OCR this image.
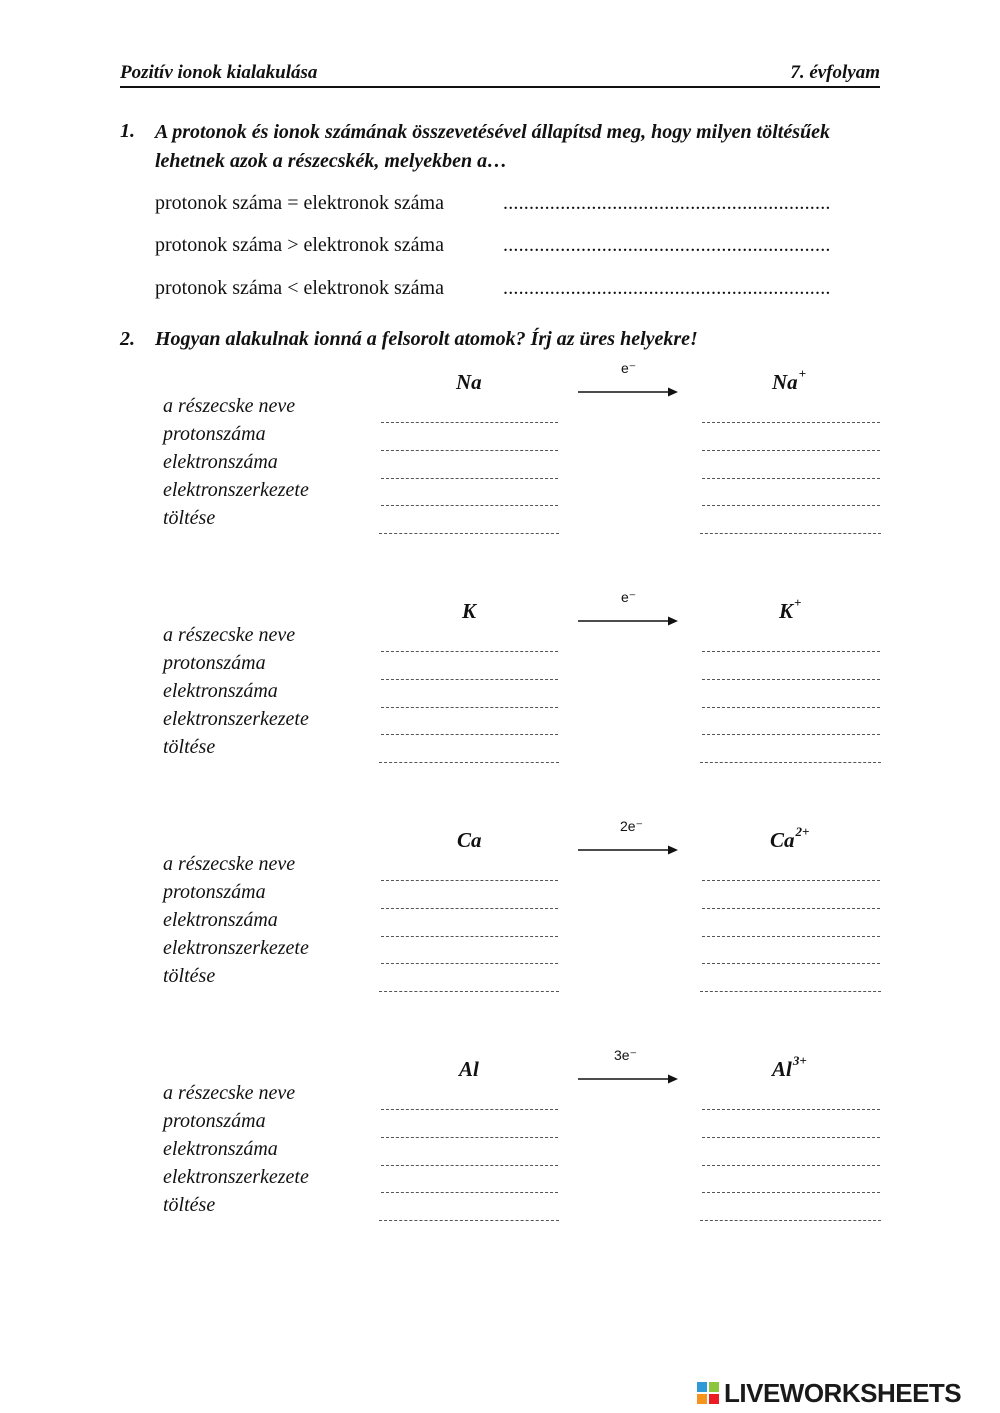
Pozitív ionok kialakulása	7. évfolyam
1. A protonok és ionok számának összevetésével állapítsd meg, hogy milyen töltésűek lehetnek azok a részecskék, melyekben a…
protonok száma = elektronok száma	...............................................................
protonok száma > elektronok száma	...............................................................
protonok száma < elektronok száma	...............................................................
2. Hogyan alakulnak ionná a felsorolt atomok? Írj az üres helyekre!
Na
e⁻
Na+
a részecske neve
protonszáma
elektronszáma
elektronszerkezete
töltése
K
e⁻
K+
a részecske neve
protonszáma
elektronszáma
elektronszerkezete
töltése
Ca
2e⁻
$Ca^{2+}$
a részecske neve
protonszáma
elektronszáma
elektronszerkezete
töltése
Al
3e⁻
$Al^{3+}$
a részecske neve
protonszáma
elektronszáma
elektronszerkezete
töltése
LIVEWORKSHEETS
